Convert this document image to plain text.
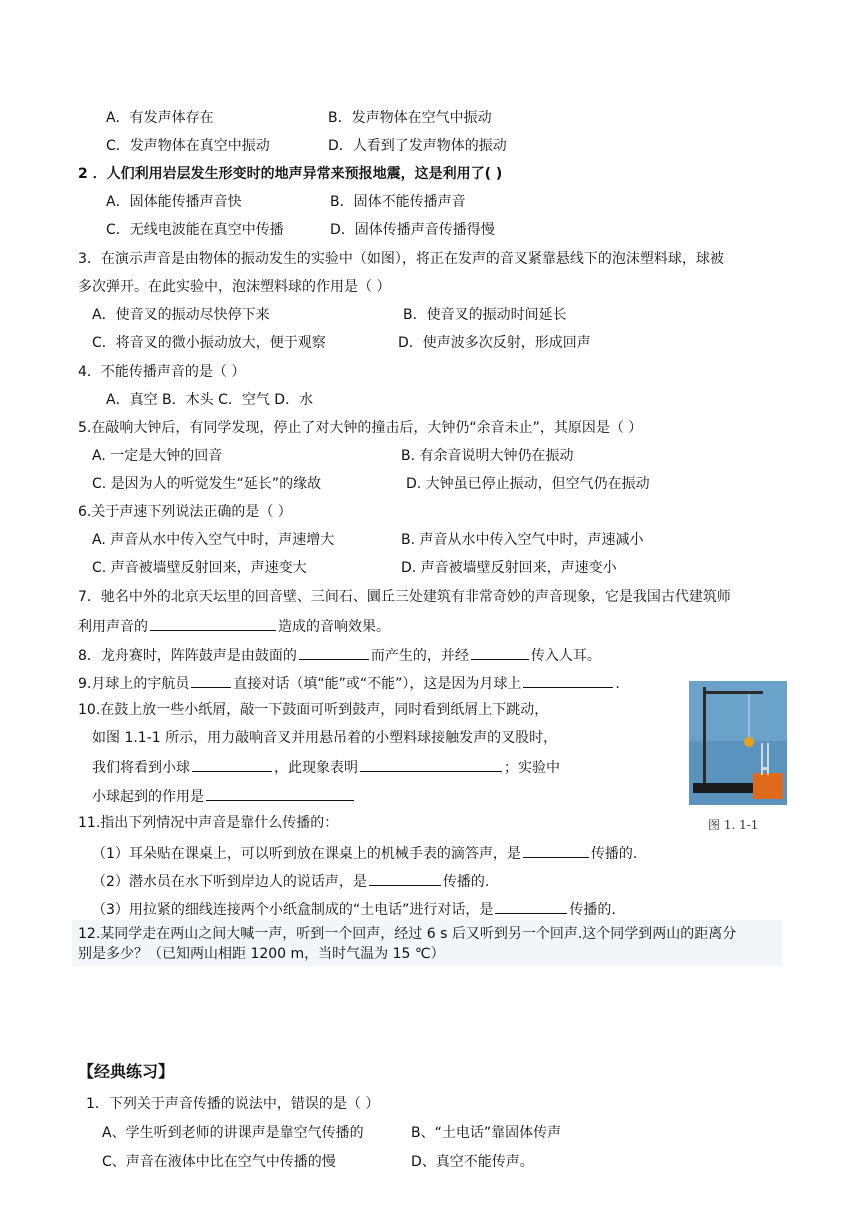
A．有发声体存在	B．发声物体在空气中振动
C．发声物体在真空中振动	D．人看到了发声物体的振动
2 ．人们利用岩层发生形变时的地声异常来预报地震，这是利用了( )
A．固体能传播声音快	B．固体不能传播声音
C．无线电波能在真空中传播	D．固体传播声音传播得慢
3．在演示声音是由物体的振动发生的实验中（如图），将正在发声的音叉紧靠悬线下的泡沫塑料球，球被
多次弹开。在此实验中，泡沫塑料球的作用是（ ）
A．使音叉的振动尽快停下来	B．使音叉的振动时间延长
C．将音叉的微小振动放大，便于观察	D．使声波多次反射，形成回声
4．不能传播声音的是（ ）
A．真空 B．木头 C．空气 D．水
5.在敲响大钟后，有同学发现，停止了对大钟的撞击后，大钟仍“余音未止”，其原因是（ ）
A. 一定是大钟的回音	B. 有余音说明大钟仍在振动
C. 是因为人的听觉发生“延长”的缘故	D. 大钟虽已停止振动，但空气仍在振动
6.关于声速下列说法正确的是（ ）
A. 声音从水中传入空气中时，声速增大	B. 声音从水中传入空气中时，声速减小
C. 声音被墙壁反射回来，声速变大	D. 声音被墙壁反射回来，声速变小
7．驰名中外的北京天坛里的回音壁、三间石、圜丘三处建筑有非常奇妙的声音现象，它是我国古代建筑师
利用声音的	造成的音响效果。
8．龙舟赛时，阵阵鼓声是由鼓面的	而产生的，并经	传入人耳。
9.月球上的宇航员	直接对话（填“能”或“不能”），这是因为月球上	.
10.在鼓上放一些小纸屑，敲一下鼓面可听到鼓声，同时看到纸屑上下跳动，
如图 1.1-1 所示，用力敲响音叉并用悬吊着的小塑料球接触发声的叉股时，
我们将看到小球	，此现象表明	；实验中
小球起到的作用是
图 1. 1-1
11.指出下列情况中声音是靠什么传播的：
（1）耳朵贴在课桌上，可以听到放在课桌上的机械手表的滴答声，是	传播的.
（2）潜水员在水下听到岸边人的说话声，是	传播的.
（3）用拉紧的细线连接两个小纸盒制成的“土电话”进行对话，是	传播的.
12.某同学走在两山之间大喊一声，听到一个回声，经过 6 s 后又听到另一个回声.这个同学到两山的距离分
别是多少？（已知两山相距 1200 m，当时气温为 15 ℃）
【经典练习】
1．下列关于声音传播的说法中，错误的是（ ）
A、学生听到老师的讲课声是靠空气传播的	B、“土电话”靠固体传声
C、声音在液体中比在空气中传播的慢	D、真空不能传声。
